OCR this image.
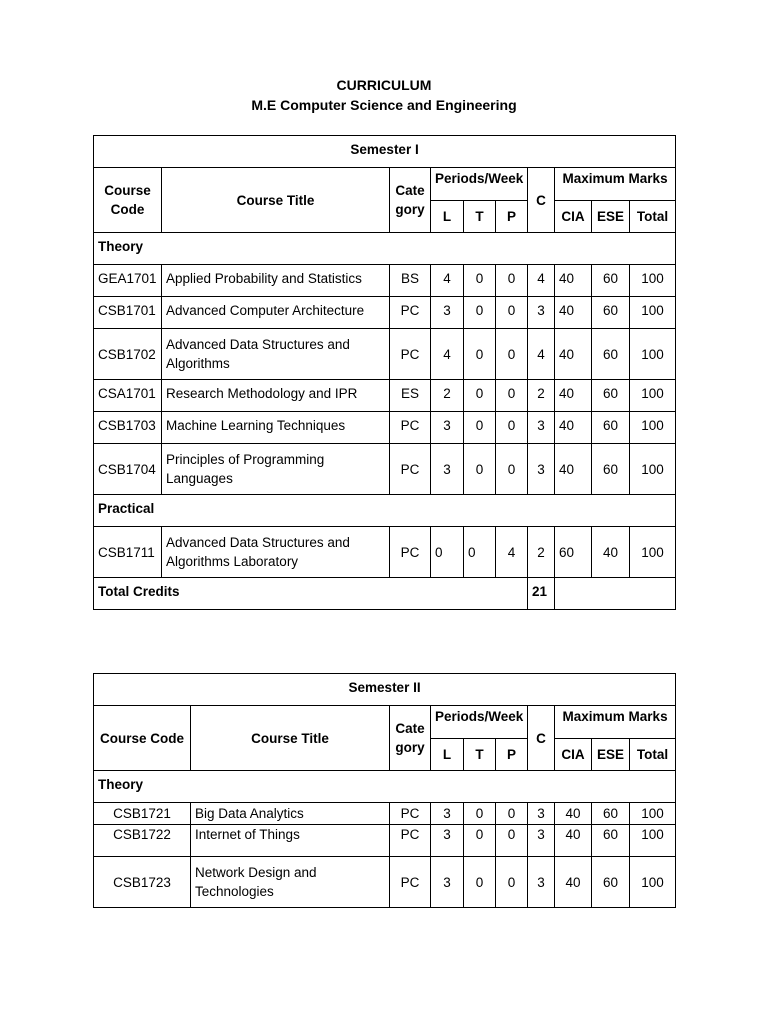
CURRICULUM
M.E Computer Science and Engineering
Semester I									
Course Code	Course Title	Cate gory	Periods/Week			C	Maximum Marks		
			L	T	P		CIA	ESE	Total
Theory									
GEA1701	Applied Probability and Statistics	BS	4	0	0	4	40	60	100
CSB1701	Advanced Computer Architecture	PC	3	0	0	3	40	60	100
CSB1702	Advanced Data Structures and Algorithms	PC	4	0	0	4	40	60	100
CSA1701	Research Methodology and IPR	ES	2	0	0	2	40	60	100
CSB1703	Machine Learning Techniques	PC	3	0	0	3	40	60	100
CSB1704	Principles of Programming Languages	PC	3	0	0	3	40	60	100
Practical									
CSB1711	Advanced Data Structures and Algorithms Laboratory	PC	0	0	4	2	60	40	100
Total Credits						21			
Semester II									
Course Code	Course Title	Cate gory	Periods/Week			C	Maximum Marks		
			L	T	P		CIA	ESE	Total
Theory									
CSB1721	Big Data Analytics	PC	3	0	0	3	40	60	100
CSB1722	Internet of Things	PC	3	0	0	3	40	60	100
CSB1723	Network Design and Technologies	PC	3	0	0	3	40	60	100
